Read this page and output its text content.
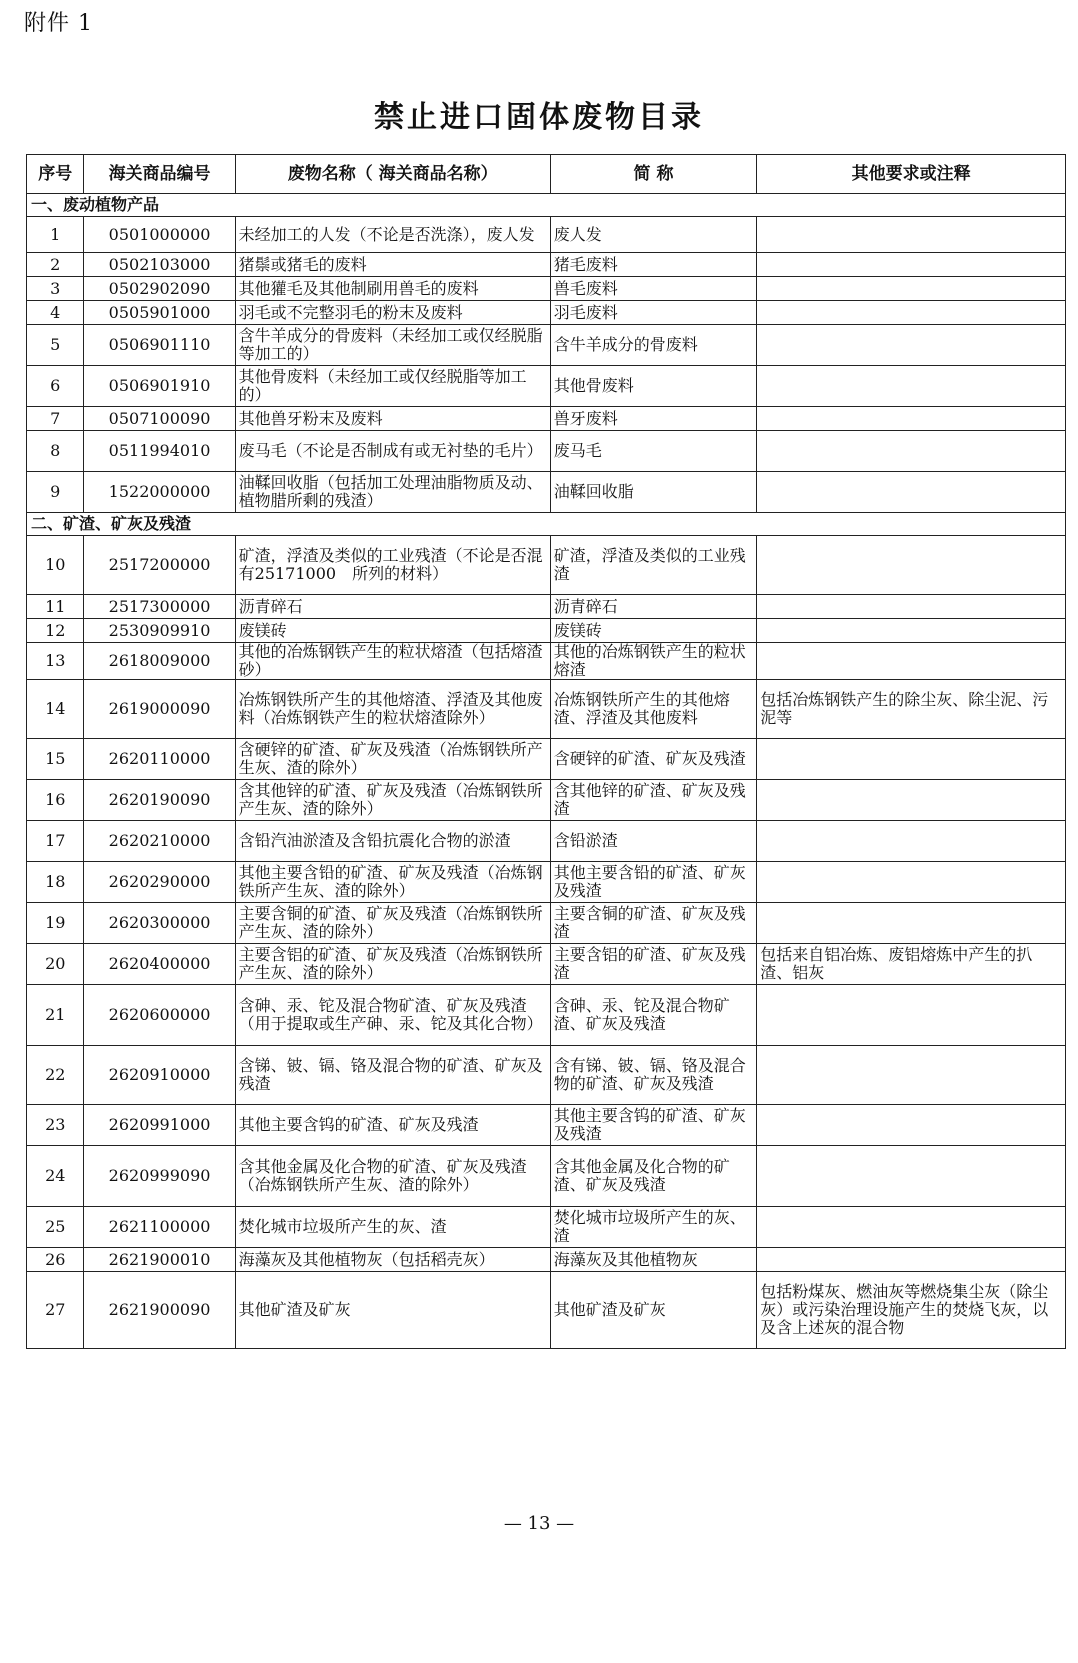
附件 1
禁止进口固体废物目录
序号	海关商品编号	废物名称（ 海关商品名称）	简 称	其他要求或注释
一、废动植物产品				
1	0501000000	未经加工的人发（不论是否洗涤），废人发	废人发	
2	0502103000	猪鬃或猪毛的废料	猪毛废料	
3	0502902090	其他獾毛及其他制刷用兽毛的废料	兽毛废料	
4	0505901000	羽毛或不完整羽毛的粉末及废料	羽毛废料	
5	0506901110	含牛羊成分的骨废料（未经加工或仅经脱脂等加工的）	含牛羊成分的骨废料	
6	0506901910	其他骨废料（未经加工或仅经脱脂等加工的）	其他骨废料	
7	0507100090	其他兽牙粉末及废料	兽牙废料	
8	0511994010	废马毛（不论是否制成有或无衬垫的毛片）	废马毛	
9	1522000000	油鞣回收脂（包括加工处理油脂物质及动、植物腊所剩的残渣）	油鞣回收脂	
二、矿渣、矿灰及残渣				
10	2517200000	矿渣，浮渣及类似的工业残渣（不论是否混有25171000　所列的材料）	矿渣，浮渣及类似的工业残渣	
11	2517300000	沥青碎石	沥青碎石	
12	2530909910	废镁砖	废镁砖	
13	2618009000	其他的冶炼钢铁产生的粒状熔渣（包括熔渣砂）	其他的冶炼钢铁产生的粒状熔渣	
14	2619000090	冶炼钢铁所产生的其他熔渣、浮渣及其他废料（冶炼钢铁产生的粒状熔渣除外）	冶炼钢铁所产生的其他熔渣、浮渣及其他废料	包括冶炼钢铁产生的除尘灰、除尘泥、污泥等
15	2620110000	含硬锌的矿渣、矿灰及残渣（冶炼钢铁所产生灰、渣的除外）	含硬锌的矿渣、矿灰及残渣	
16	2620190090	含其他锌的矿渣、矿灰及残渣（冶炼钢铁所产生灰、渣的除外）	含其他锌的矿渣、矿灰及残渣	
17	2620210000	含铅汽油淤渣及含铅抗震化合物的淤渣	含铅淤渣	
18	2620290000	其他主要含铅的矿渣、矿灰及残渣（冶炼钢铁所产生灰、渣的除外）	其他主要含铅的矿渣、矿灰及残渣	
19	2620300000	主要含铜的矿渣、矿灰及残渣（冶炼钢铁所产生灰、渣的除外）	主要含铜的矿渣、矿灰及残渣	
20	2620400000	主要含铝的矿渣、矿灰及残渣（冶炼钢铁所产生灰、渣的除外）	主要含铝的矿渣、矿灰及残渣	包括来自铝冶炼、废铝熔炼中产生的扒渣、铝灰
21	2620600000	含砷、汞、铊及混合物矿渣、矿灰及残渣（用于提取或生产砷、汞、铊及其化合物）	含砷、汞、铊及混合物矿渣、矿灰及残渣	
22	2620910000	含锑、铍、镉、铬及混合物的矿渣、矿灰及残渣	含有锑、铍、镉、铬及混合物的矿渣、矿灰及残渣	
23	2620991000	其他主要含钨的矿渣、矿灰及残渣	其他主要含钨的矿渣、矿灰及残渣	
24	2620999090	含其他金属及化合物的矿渣、矿灰及残渣（冶炼钢铁所产生灰、渣的除外）	含其他金属及化合物的矿渣、矿灰及残渣	
25	2621100000	焚化城市垃圾所产生的灰、渣	焚化城市垃圾所产生的灰、渣	
26	2621900010	海藻灰及其他植物灰（包括稻壳灰）	海藻灰及其他植物灰	
27	2621900090	其他矿渣及矿灰	其他矿渣及矿灰	包括粉煤灰、燃油灰等燃烧集尘灰（除尘灰）或污染治理设施产生的焚烧飞灰，以及含上述灰的混合物
— 13 —
